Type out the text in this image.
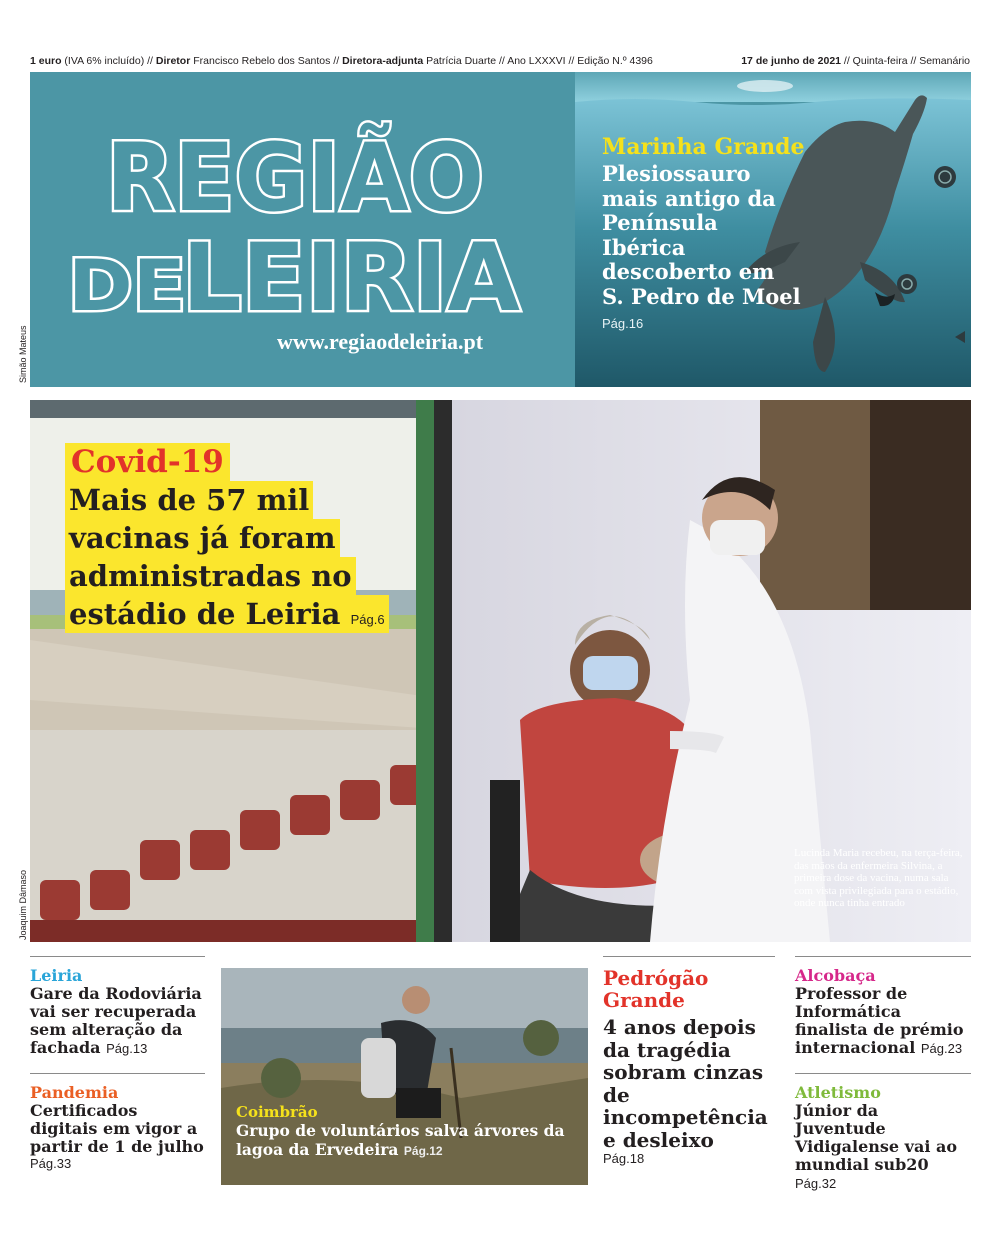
1 euro (IVA 6% incluído) // Diretor Francisco Rebelo dos Santos // Diretora-adjunta Patrícia Duarte // Ano LXXXVI // Edição N.º 4396	17 de junho de 2021 // Quinta-feira // Semanário
REGIÃO
DE
LEIRIA
www.regiaodeleiria.pt
Marinha Grande
Plesiossauro mais antigo da Península Ibérica descoberto em S. Pedro de Moel Pág.16
Simão Mateus
Covid-19
Mais de 57 mil vacinas já foram administradas no estádio de Leiria Pág.6
Lucinda Maria recebeu, na terça-feira, das mãos da enfermeira Silvina, a primeira dose da vacina, numa sala com vista privilegiada para o estádio, onde nunca tinha entrado
Joaquim Dâmaso
Leiria
Gare da Rodoviária vai ser recuperada sem alteração da fachada Pág.13
Pandemia
Certificados digitais em vigor a partir de 1 de julho
Pág.33
Coimbrão
Grupo de voluntários salva árvores da lagoa da Ervedeira Pág.12
Pedrógão Grande
4 anos depois da tragédia sobram cinzas de incompetência e desleixo
Pág.18
Alcobaça
Professor de Informática finalista de prémio internacional Pág.23
Atletismo
Júnior da Juventude Vidigalense vai ao mundial sub20 Pág.32
